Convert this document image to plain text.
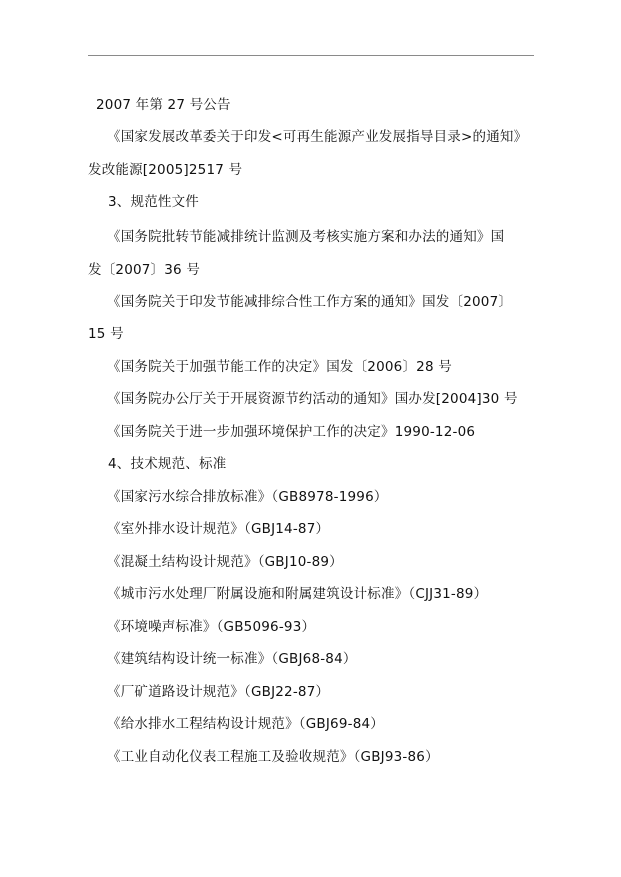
2007 年第 27 号公告
《国家发展改革委关于印发<可再生能源产业发展指导目录>的通知》
发改能源[2005]2517 号
3、规范性文件
《国务院批转节能减排统计监测及考核实施方案和办法的通知》国
发〔2007〕36 号
《国务院关于印发节能减排综合性工作方案的通知》国发〔2007〕
15 号
《国务院关于加强节能工作的决定》国发〔2006〕28 号
《国务院办公厅关于开展资源节约活动的通知》国办发[2004]30 号
《国务院关于进一步加强环境保护工作的决定》1990-12-06
4、技术规范、标准
《国家污水综合排放标准》（GB8978-1996）
《室外排水设计规范》（GBJ14-87）
《混凝土结构设计规范》（GBJ10-89）
《城市污水处理厂附属设施和附属建筑设计标准》（CJJ31-89）
《环境噪声标准》（GB5096-93）
《建筑结构设计统一标准》（GBJ68-84）
《厂矿道路设计规范》（GBJ22-87）
《给水排水工程结构设计规范》（GBJ69-84）
《工业自动化仪表工程施工及验收规范》（GBJ93-86）
